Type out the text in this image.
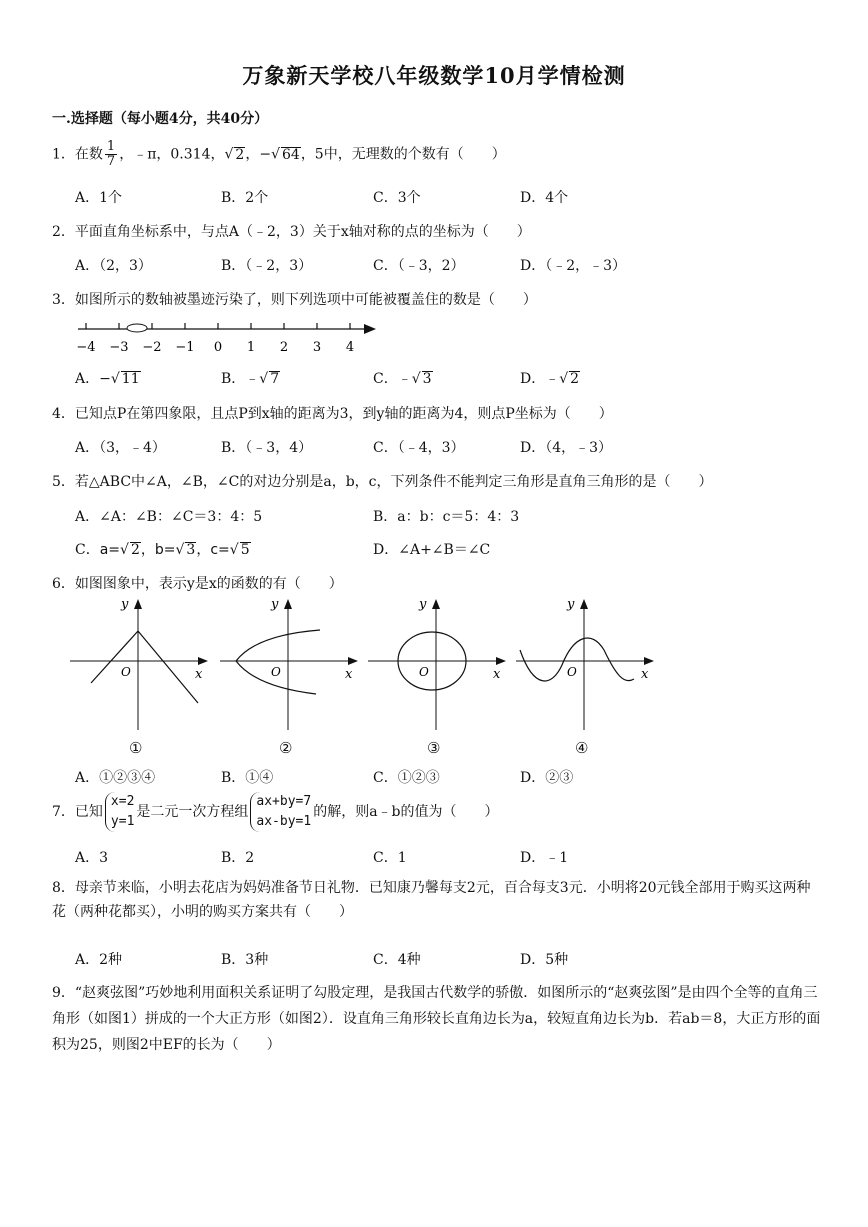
万象新天学校八年级数学10月学情检测
一.选择题（每小题4分，共40分）
1．在数 $\frac{1}{7}$ ，﹣π，0.314，√ 2，−√ 64，5中，无理数的个数有（　　）
A．1个	B．2个	C．3个	D．4个
2．平面直角坐标系中，与点A（﹣2，3）关于x轴对称的点的坐标为（　　）
A．（2，3）	B．（﹣2，3）	C．（﹣3，2）	D．（﹣2，﹣3）
3．如图所示的数轴被墨迹污染了，则下列选项中可能被覆盖住的数是（　　）
−4 −3 −2 −1 0 1 2 3 4
A．−√ 11	B．﹣√ 7	C．﹣√ 3	D．﹣√ 2
4．已知点P在第四象限，且点P到x轴的距离为3，到y轴的距离为4，则点P坐标为（　　）
A．（3，﹣4）	B．（﹣3，4）	C．（﹣4，3）	D．（4，﹣3）
5．若△ABC中∠A，∠B，∠C的对边分别是a，b，c，下列条件不能判定三角形是直角三角形的是（　　）
A．∠A：∠B：∠C＝3：4：5	B．a：b：c＝5：4：3
C．a=√ 2，b=√ 3，c=√ 5	D．∠A+∠B＝∠C
6．如图图象中，表示y是x的函数的有（　　）
y
x
O
y
x
O
y
x
O
y
x
O
①	②	③	④
A．①②③④	B．①④	C．①②③	D．②③
7．已知
x=2
y=1
是二元一次方程组
ax+by=7
ax-by=1
的解，则a﹣b的值为（　　）
A．3	B．2	C．1	D．﹣1
8．母亲节来临，小明去花店为妈妈准备节日礼物．已知康乃馨每支2元，百合每支3元．小明将20元钱全部用于购买这两种花（两种花都买），小明的购买方案共有（　　）
A．2种	B．3种	C．4种	D．5种
9．“赵爽弦图”巧妙地利用面积关系证明了勾股定理，是我国古代数学的骄傲．如图所示的“赵爽弦图”是由四个全等的直角三角形（如图1）拼成的一个大正方形（如图2）．设直角三角形较长直角边长为a，较短直角边长为b．若ab＝8，大正方形的面积为25，则图2中EF的长为（　　）
